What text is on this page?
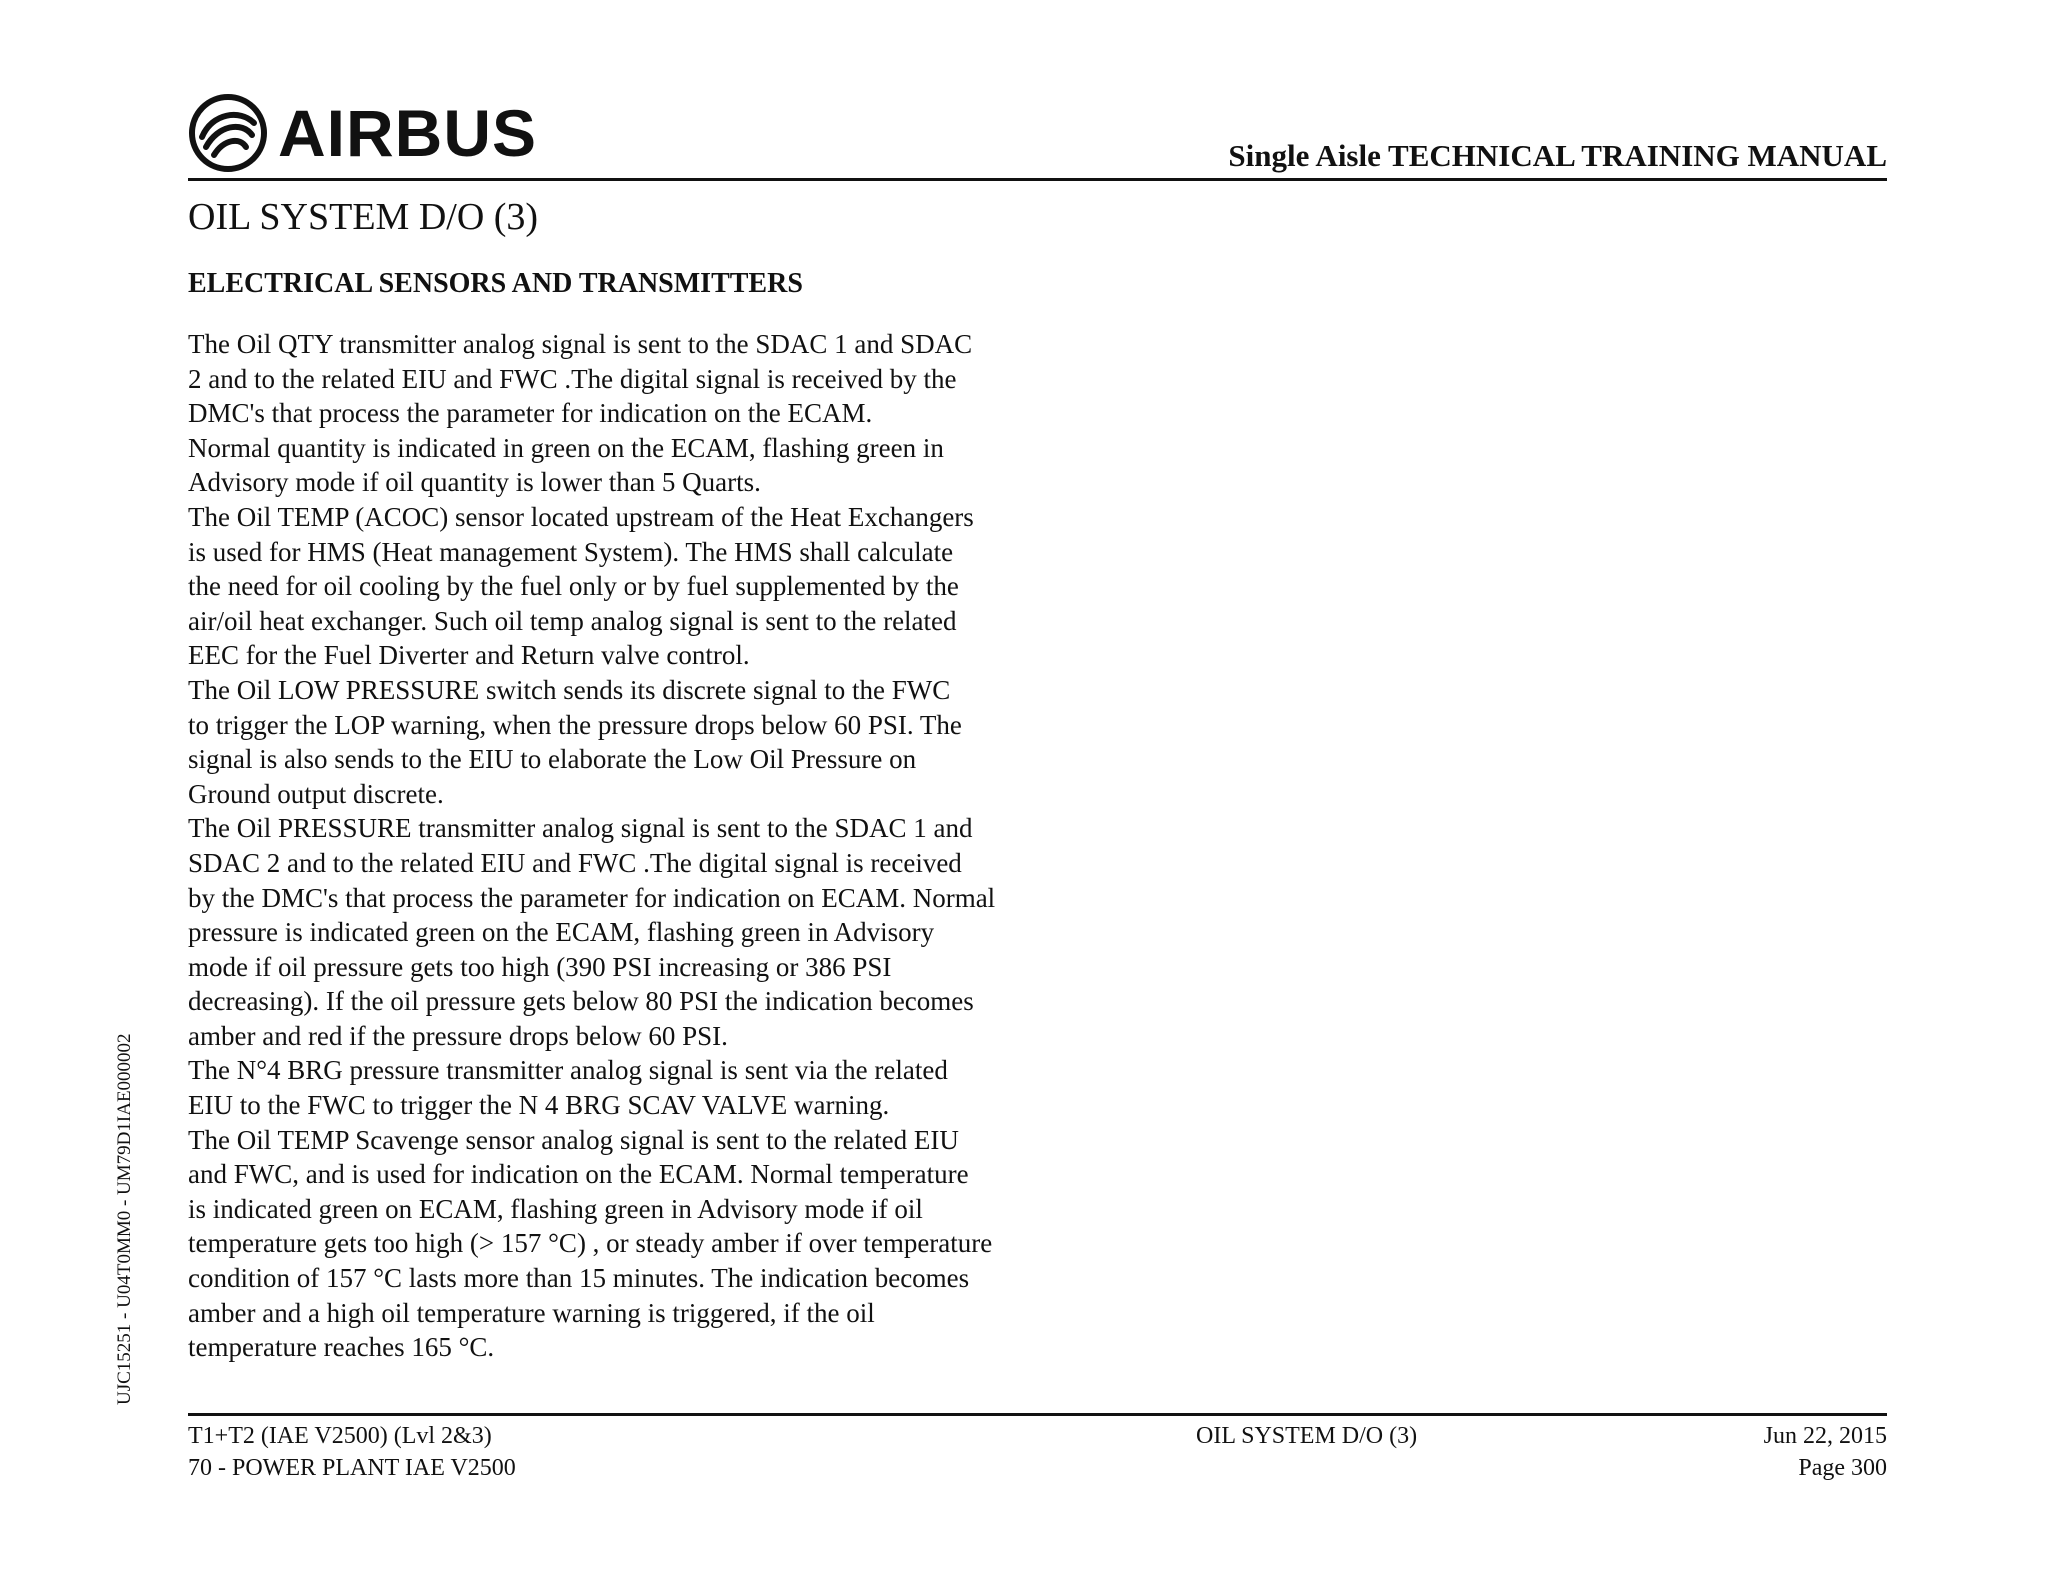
AIRBUS	Single Aisle TECHNICAL TRAINING MANUAL
OIL SYSTEM D/O (3)
ELECTRICAL SENSORS AND TRANSMITTERS

The Oil QTY transmitter analog signal is sent to the SDAC 1 and SDAC
2 and to the related EIU and FWC .The digital signal is received by the
DMC's that process the parameter for indication on the ECAM.

Normal quantity is indicated in green on the ECAM, flashing green in
Advisory mode if oil quantity is lower than 5 Quarts.

The Oil TEMP (ACOC) sensor located upstream of the Heat Exchangers
is used for HMS (Heat management System). The HMS shall calculate
the need for oil cooling by the fuel only or by fuel supplemented by the
air/oil heat exchanger. Such oil temp analog signal is sent to the related
EEC for the Fuel Diverter and Return valve control.

The Oil LOW PRESSURE switch sends its discrete signal to the FWC
to trigger the LOP warning, when the pressure drops below 60 PSI. The
signal is also sends to the EIU to elaborate the Low Oil Pressure on
Ground output discrete.

The Oil PRESSURE transmitter analog signal is sent to the SDAC 1 and
SDAC 2 and to the related EIU and FWC .The digital signal is received
by the DMC's that process the parameter for indication on ECAM. Normal
pressure is indicated green on the ECAM, flashing green in Advisory
mode if oil pressure gets too high (390 PSI increasing or 386 PSI
decreasing). If the oil pressure gets below 80 PSI the indication becomes
amber and red if the pressure drops below 60 PSI.

The N°4 BRG pressure transmitter analog signal is sent via the related
EIU to the FWC to trigger the N 4 BRG SCAV VALVE warning.

The Oil TEMP Scavenge sensor analog signal is sent to the related EIU
and FWC, and is used for indication on the ECAM. Normal temperature
is indicated green on ECAM, flashing green in Advisory mode if oil
temperature gets too high (> 157 °C) , or steady amber if over temperature
condition of 157 °C lasts more than 15 minutes. The indication becomes
amber and a high oil temperature warning is triggered, if the oil
temperature reaches 165 °C.

UJC15251 - U04T0MM0 - UM79D1IAE000002
T1+T2 (IAE V2500) (Lvl 2&3)
70 - POWER PLANT IAE V2500
OIL SYSTEM D/O (3)	Jun 22, 2015
Page 300
